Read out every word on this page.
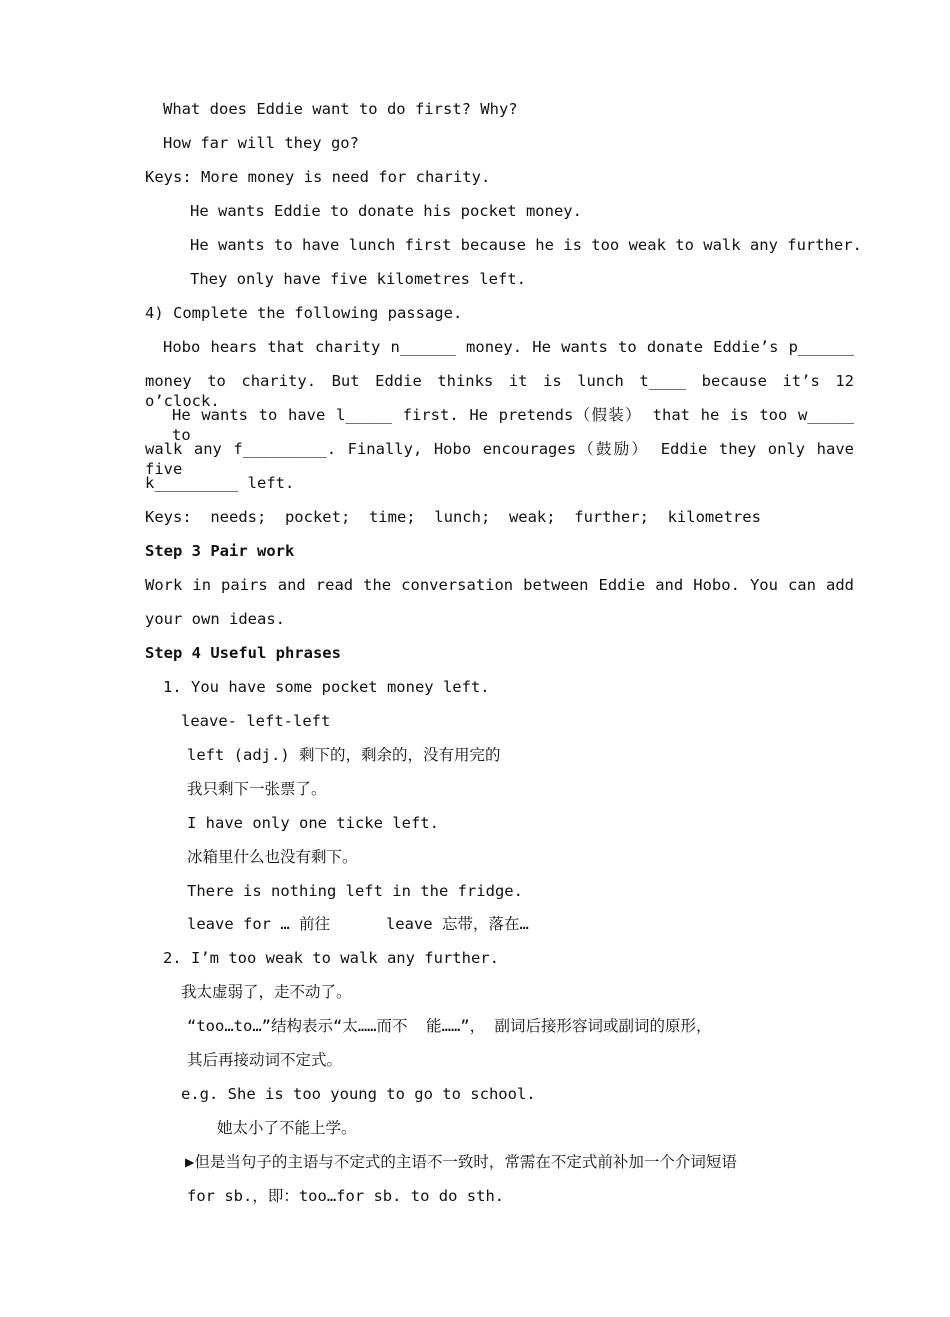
What does Eddie want to do first? Why?
How far will they go?
Keys: More money is need for charity.
He wants Eddie to donate his pocket money.
He wants to have lunch first because he is too weak to walk any further.
They only have five kilometres left.
4) Complete the following passage.
Hobo hears that charity n______ money. He wants to donate Eddie’s p______
money to charity. But Eddie thinks it is lunch t____ because it’s 12 o’clock.
He wants to have l_____ first. He pretends（假装） that he is too w_____ to
walk any f_________. Finally, Hobo encourages（鼓励） Eddie they only have five
k_________ left.
Keys:  needs;  pocket;  time;  lunch;  weak;  further;  kilometres
Step 3 Pair work
Work in pairs and read the conversation between Eddie and Hobo. You can add
your own ideas.
Step 4 Useful phrases
1. You have some pocket money left.
leave- left-left
left (adj.) 剩下的，剩余的，没有用完的
我只剩下一张票了。
I have only one ticke left.
冰箱里什么也没有剩下。
There is nothing left in the fridge.
leave for … 前往      leave 忘带，落在…
2. I’m too weak to walk any further.
我太虚弱了，走不动了。
“too…to…”结构表示“太……而不  能……”， 副词后接形容词或副词的原形，
其后再接动词不定式。
e.g. She is too young to go to school.
她太小了不能上学。
▶但是当句子的主语与不定式的主语不一致时，常需在不定式前补加一个介词短语
for sb.，即：too…for sb. to do sth.
